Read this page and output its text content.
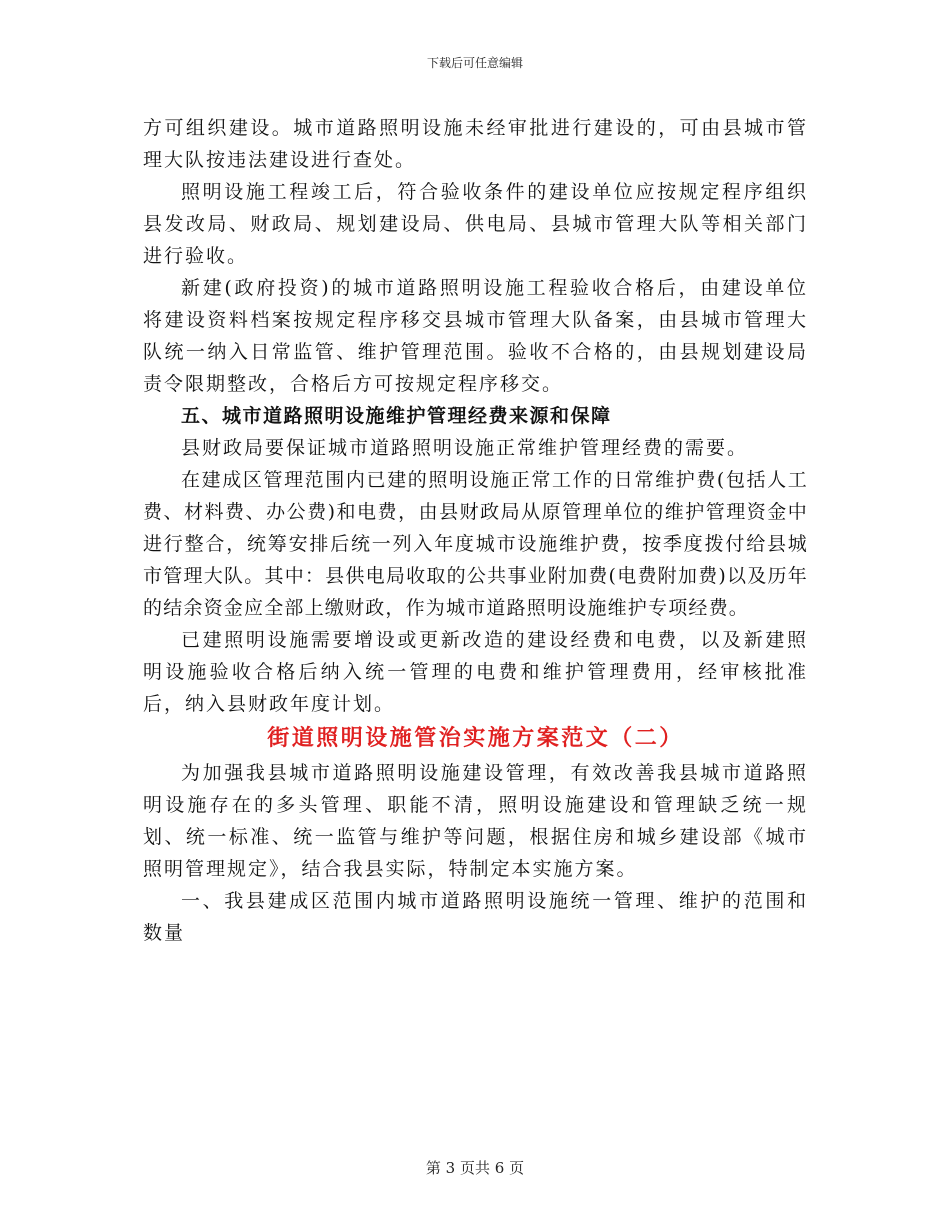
下载后可任意编辑

方可组织建设。城市道路照明设施未经审批进行建设的，可由县城市管理大队按违法建设进行查处。

照明设施工程竣工后，符合验收条件的建设单位应按规定程序组织县发改局、财政局、规划建设局、供电局、县城市管理大队等相关部门进行验收。

新建(政府投资)的城市道路照明设施工程验收合格后，由建设单位将建设资料档案按规定程序移交县城市管理大队备案，由县城市管理大队统一纳入日常监管、维护管理范围。验收不合格的，由县规划建设局责令限期整改，合格后方可按规定程序移交。

五、城市道路照明设施维护管理经费来源和保障

县财政局要保证城市道路照明设施正常维护管理经费的需要。

在建成区管理范围内已建的照明设施正常工作的日常维护费(包括人工费、材料费、办公费)和电费，由县财政局从原管理单位的维护管理资金中进行整合，统筹安排后统一列入年度城市设施维护费，按季度拨付给县城市管理大队。其中：县供电局收取的公共事业附加费(电费附加费)以及历年的结余资金应全部上缴财政，作为城市道路照明设施维护专项经费。

已建照明设施需要增设或更新改造的建设经费和电费，以及新建照明设施验收合格后纳入统一管理的电费和维护管理费用，经审核批准后，纳入县财政年度计划。

街道照明设施管治实施方案范文（二）

为加强我县城市道路照明设施建设管理，有效改善我县城市道路照明设施存在的多头管理、职能不清，照明设施建设和管理缺乏统一规划、统一标准、统一监管与维护等问题，根据住房和城乡建设部《城市照明管理规定》，结合我县实际，特制定本实施方案。

一、我县建成区范围内城市道路照明设施统一管理、维护的范围和数量

第 3 页共 6 页
